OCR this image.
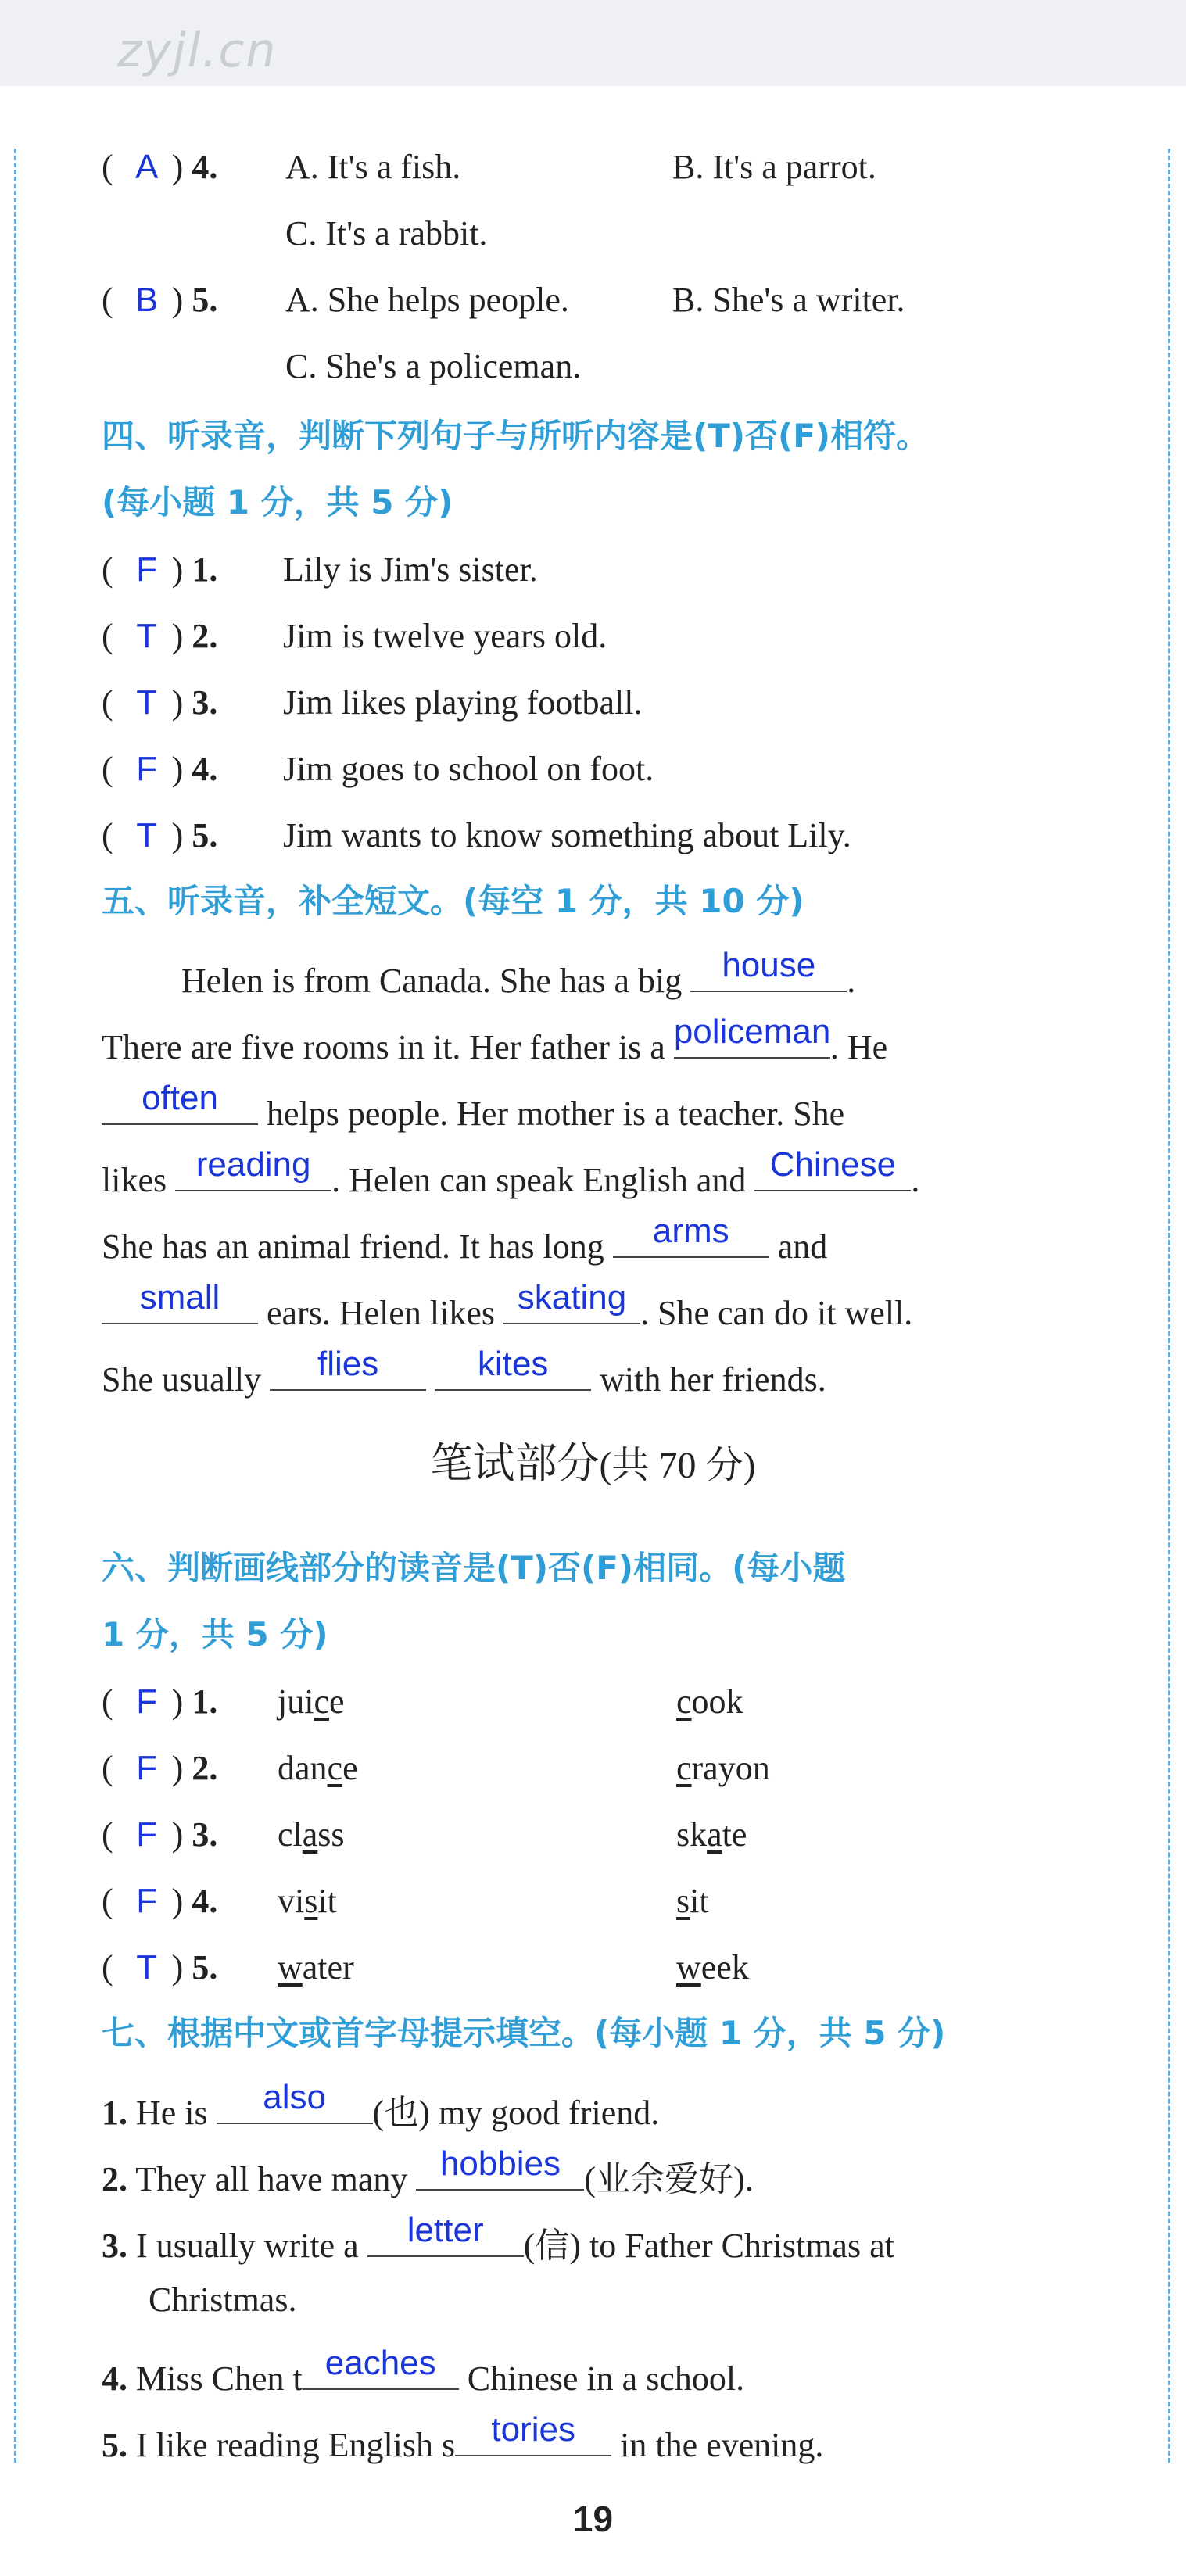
zyjl.cn
( A ) 4. A. It's a fish.	B. It's a parrot.
C. It's a rabbit.
( B ) 5. A. She helps people.	B. She's a writer.
C. She's a policeman.
四、听录音，判断下列句子与所听内容是(T)否(F)相符。
(每小题 1 分，共 5 分)
( F ) 1. Lily is Jim's sister.
( T ) 2. Jim is twelve years old.
( T ) 3. Jim likes playing football.
( F ) 4. Jim goes to school on foot.
( T ) 5. Jim wants to know something about Lily.
五、听录音，补全短文。(每空 1 分，共 10 分)
Helen is from Canada. She has a big	house .
There are five rooms in it. Her father is a policeman . He
often	helps people. Her mother is a teacher. She
likes reading . Helen can speak English and Chinese .
She has an animal friend. It has long	arms	and
small	ears. Helen likes skating . She can do it well.
She usually	flies
	kites	with her friends.
笔试部分(共 70 分)
六、判断画线部分的读音是(T)否(F)相同。(每小题
1 分，共 5 分)
( F ) 1. juice	cook
( F ) 2. dance	crayon
( F ) 3. class	skate
( F ) 4. visit	sit
( T ) 5. water	week
七、根据中文或首字母提示填空。(每小题 1 分，共 5 分)
1. He is	also	(也) my good friend.
2. They all have many hobbies (业余爱好).
3. I usually write a	letter	(信) to Father Christmas at
Christmas.
4. Miss Chen t eaches Chinese in a school.
5. I like reading English s	tories	in the evening.
19
